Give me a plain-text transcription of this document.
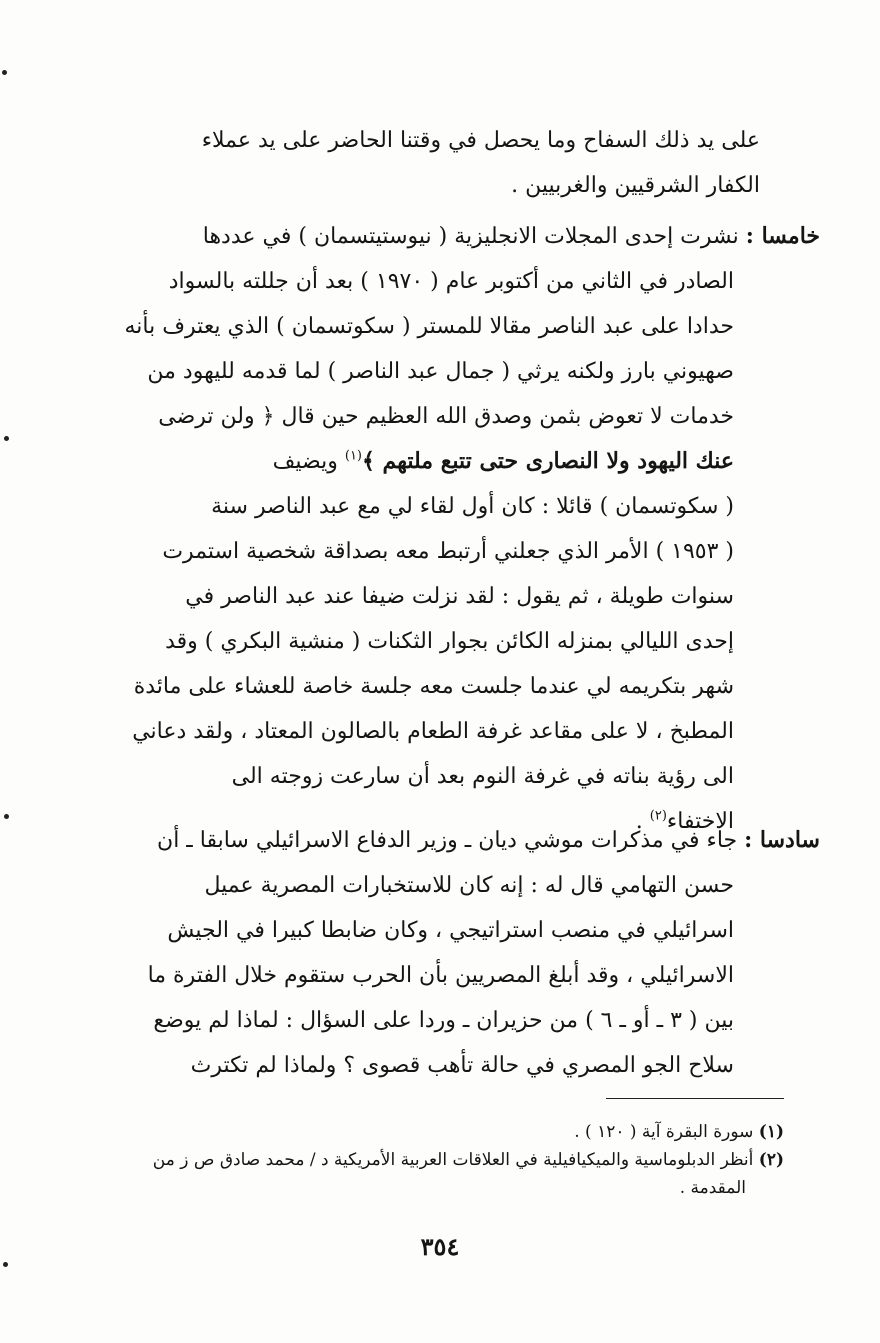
على يد ذلك السفاح وما يحصل في وقتنا الحاضر على يد عملاء
الكفار الشرقيين والغربيين .
خامسا : نشرت إحدى المجلات الانجليزية ( نيوستيتسمان ) في عددها
الصادر في الثاني من أكتوبر عام ( ١٩٧٠ ) بعد أن جللته بالسواد
حدادا على عبد الناصر مقالا للمستر ( سكوتسمان ) الذي يعترف بأنه
صهيوني بارز ولكنه يرثي ( جمال عبد الناصر ) لما قدمه لليهود من
خدمات لا تعوض بثمن وصدق الله العظيم حين قال ﴿ ولن ترضى
عنك اليهود ولا النصارى حتى تتبع ملتهم ﴾$^{(١)}$ ويضيف
( سكوتسمان ) قائلا : كان أول لقاء لي مع عبد الناصر سنة
( ١٩٥٣ ) الأمر الذي جعلني أرتبط معه بصداقة شخصية استمرت
سنوات طويلة ، ثم يقول : لقد نزلت ضيفا عند عبد الناصر في
إحدى الليالي بمنزله الكائن بجوار الثكنات ( منشية البكري ) وقد
شهر بتكريمه لي عندما جلست معه جلسة خاصة للعشاء على مائدة
المطبخ ، لا على مقاعد غرفة الطعام بالصالون المعتاد ، ولقد دعاني
الى رؤية بناته في غرفة النوم بعد أن سارعت زوجته الى
الاختفاء$^{(٢)}$ .
سادسا : جاء في مذكرات موشي ديان ـ وزير الدفاع الاسرائيلي سابقا ـ أن
حسن التهامي قال له : إنه كان للاستخبارات المصرية عميل
اسرائيلي في منصب استراتيجي ، وكان ضابطا كبيرا في الجيش
الاسرائيلي ، وقد أبلغ المصريين بأن الحرب ستقوم خلال الفترة ما
بين ( ٣ ـ أو ـ ٦ ) من حزيران ـ وردا على السؤال : لماذا لم يوضع
سلاح الجو المصري في حالة تأهب قصوى ؟ ولماذا لم تكترث
(١) سورة البقرة آية ( ١٢٠ ) .
(٢) أنظر الدبلوماسية والميكيافيلية في العلاقات العربية الأمريكية د / محمد صادق ص ز من
المقدمة .
٣٥٤
